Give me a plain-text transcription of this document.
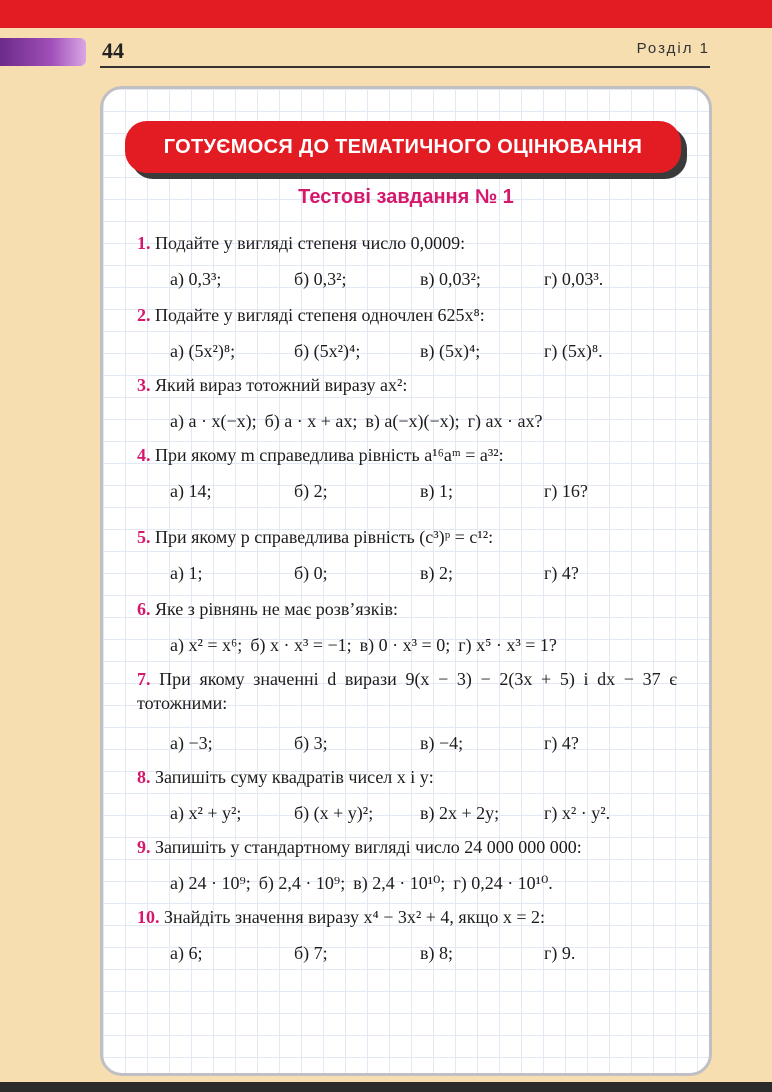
44	Розділ 1
ГОТУЄМОСЯ ДО ТЕМАТИЧНОГО ОЦІНЮВАННЯ
Тестові завдання № 1
1. Подайте у вигляді степеня число 0,0009:
а) 0,3³;	б) 0,3²;	в) 0,03²;	г) 0,03³.
2. Подайте у вигляді степеня одночлен 625x⁸:
а) (5x²)⁸;	б) (5x²)⁴;	в) (5x)⁴;	г) (5x)⁸.
3. Який вираз тотожний виразу ax²:
а) a · x(−x); б) a · x + ax; в) a(−x)(−x); г) ax · ax?
4. При якому m справедлива рівність a¹⁶aᵐ = a³²:
а) 14;	б) 2;	в) 1;	г) 16?
5. При якому p справедлива рівність (c³)ᵖ = c¹²:
а) 1;	б) 0;	в) 2;	г) 4?
6. Яке з рівнянь не має розв’язків:
а) x² = x⁶; б) x · x³ = −1; в) 0 · x³ = 0; г) x⁵ · x³ = 1?
7. При якому значенні d вирази 9(x − 3) − 2(3x + 5) і dx − 37 є тотожними:
а) −3;	б) 3;	в) −4;	г) 4?
8. Запишіть суму квадратів чисел x і y:
а) x² + y²;	б) (x + y)²;	в) 2x + 2y;	г) x² · y².
9. Запишіть у стандартному вигляді число 24 000 000 000:
а) 24 · 10⁹; б) 2,4 · 10⁹; в) 2,4 · 10¹⁰; г) 0,24 · 10¹⁰.
10. Знайдіть значення виразу x⁴ − 3x² + 4, якщо x = 2:
а) 6;	б) 7;	в) 8;	г) 9.
